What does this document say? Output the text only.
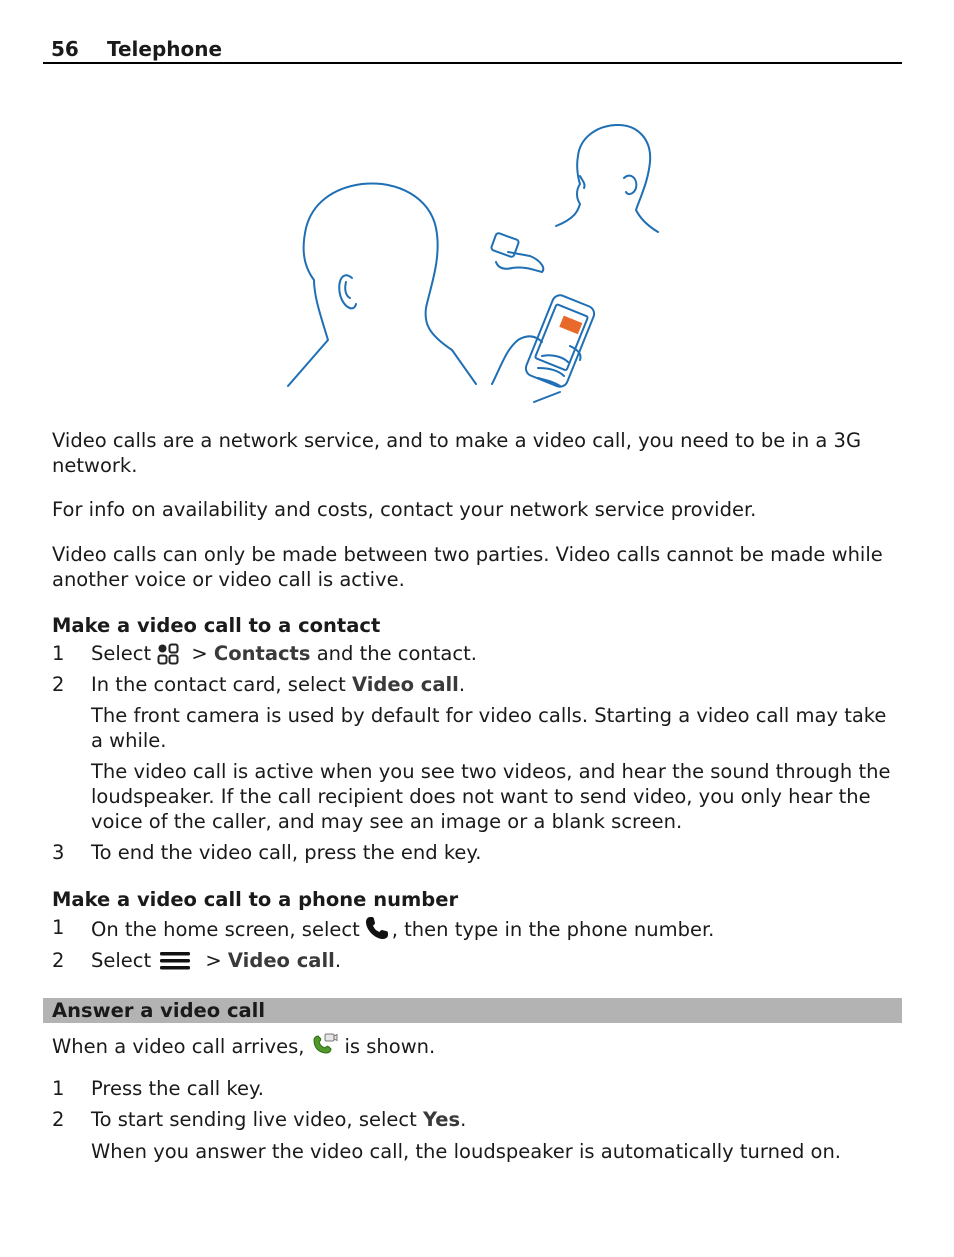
56 Telephone
Video calls are a network service, and to make a video call, you need to be in a 3G network.
For info on availability and costs, contact your network service provider.
Video calls can only be made between two parties. Video calls cannot be made while another voice or video call is active.
Make a video call to a contact
1 Select > Contacts and the contact.
2 In the contact card, select Video call.
The front camera is used by default for video calls. Starting a video call may take a while.
The video call is active when you see two videos, and hear the sound through the loudspeaker. If the call recipient does not want to send video, you only hear the voice of the caller, and may see an image or a blank screen.
3 To end the video call, press the end key.
Make a video call to a phone number
1 On the home screen, select , then type in the phone number.
2 Select	> Video call.
Answer a video call
When a video call arrives, is shown.
1 Press the call key.
2 To start sending live video, select Yes.
When you answer the video call, the loudspeaker is automatically turned on.
